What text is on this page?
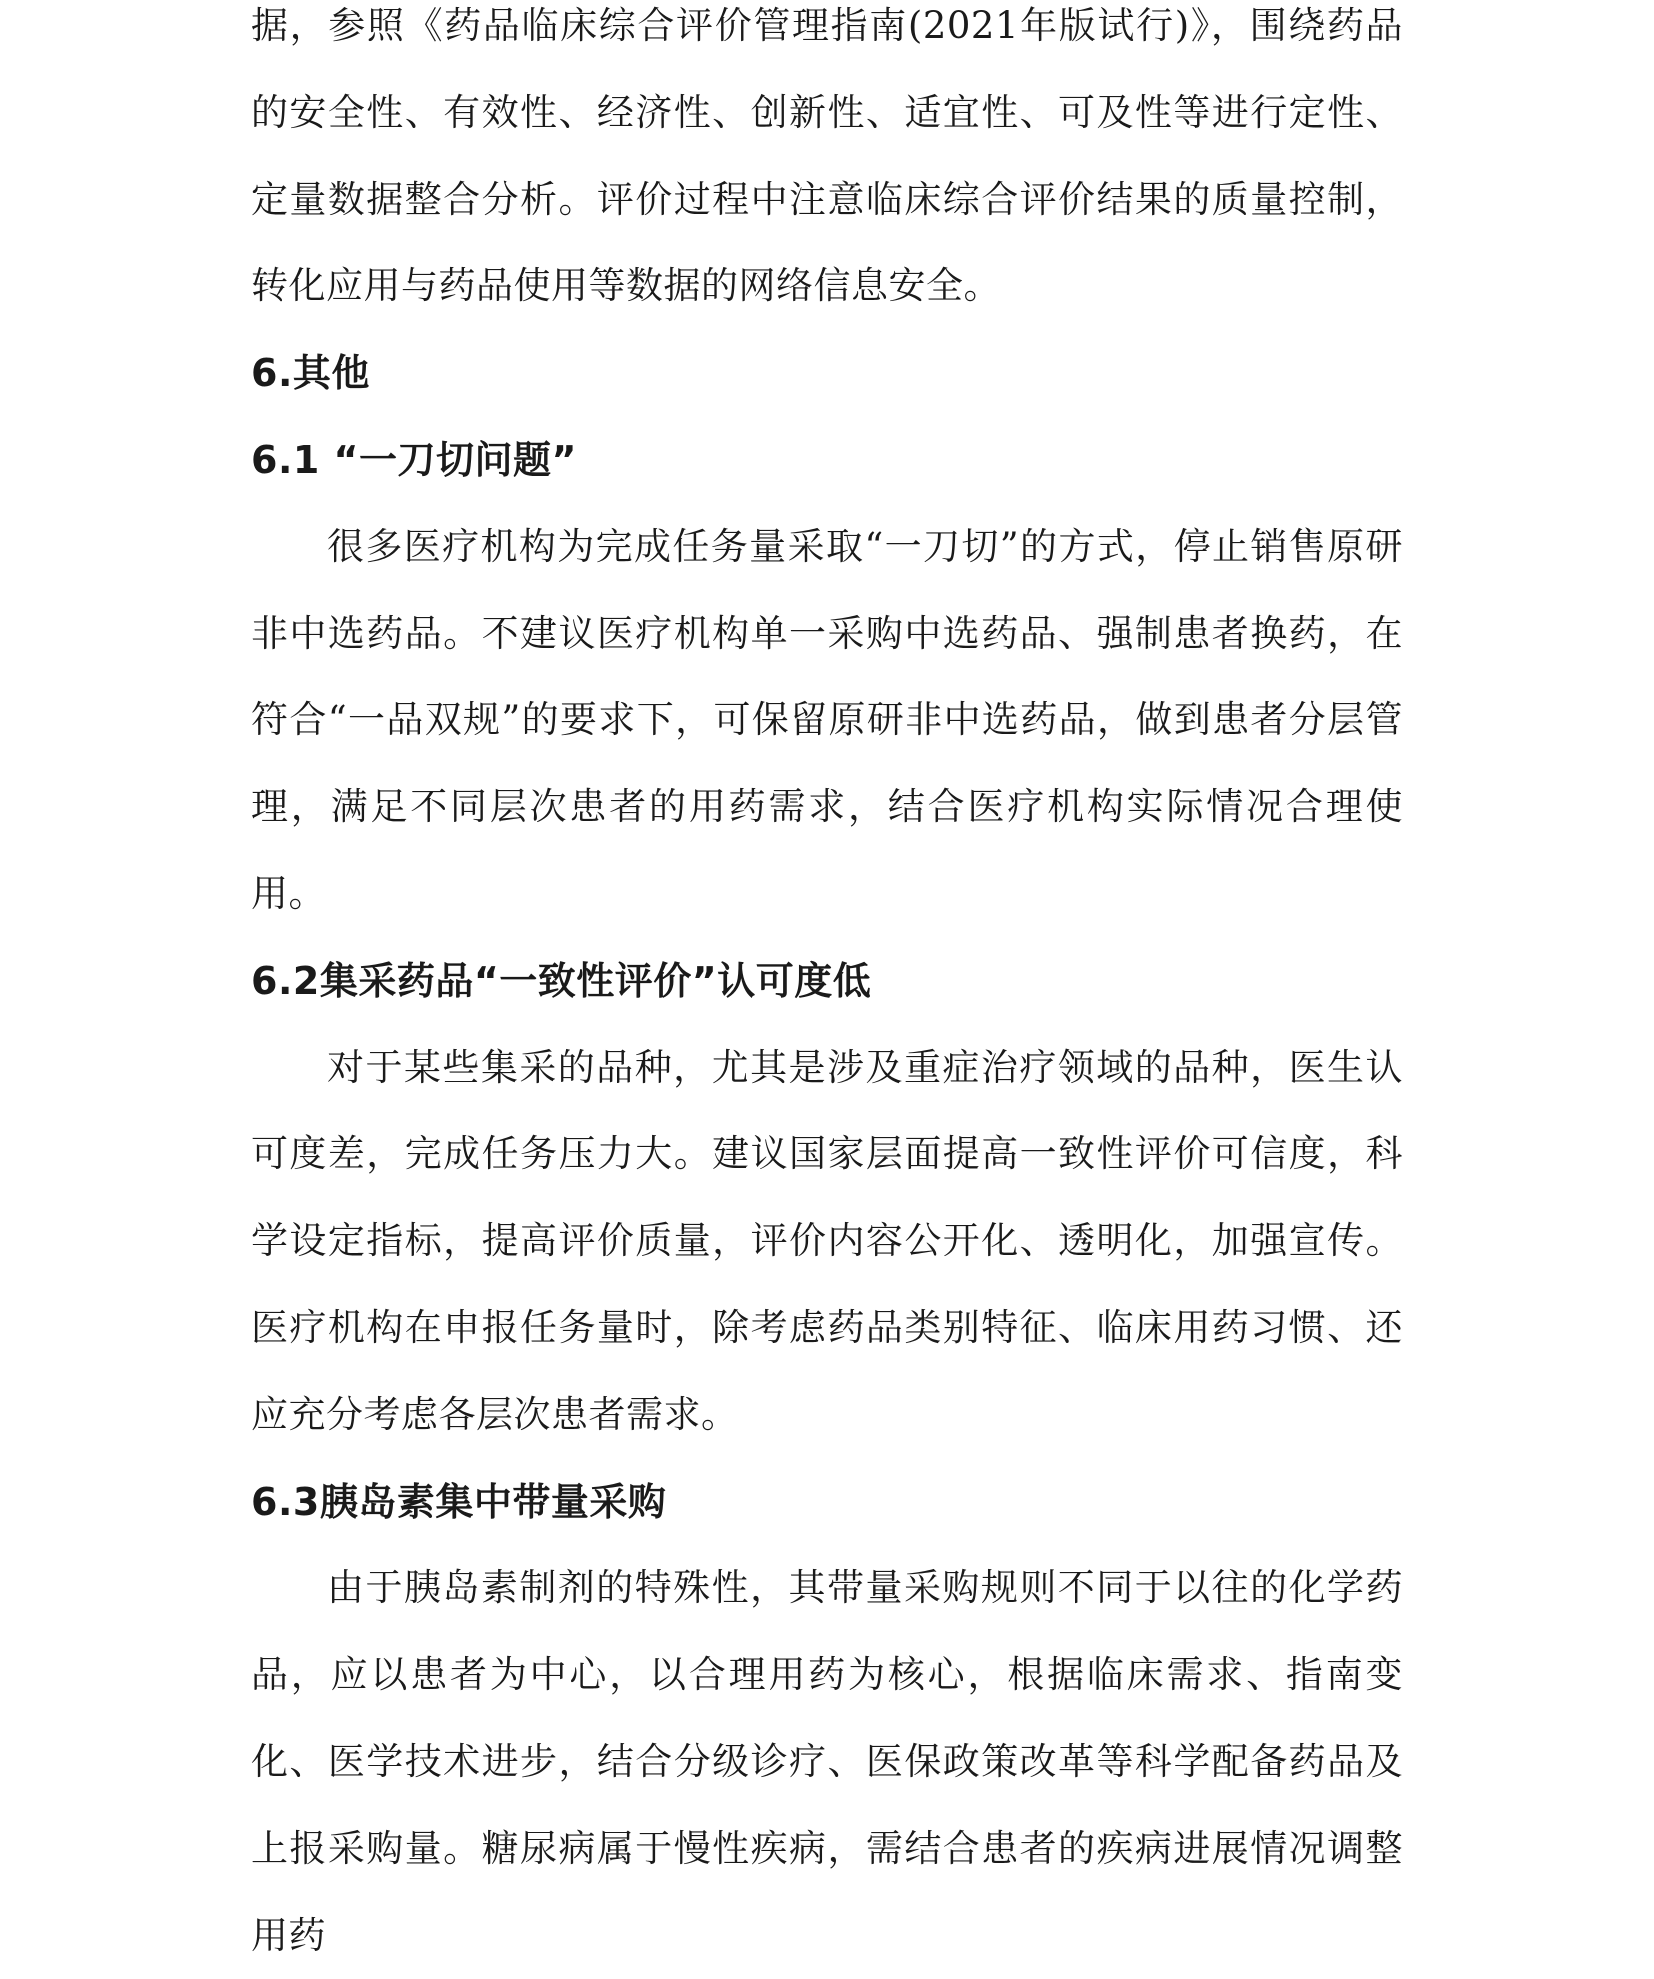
据，参照《药品临床综合评价管理指南(2021年版试行)》，围绕药品的安全性、有效性、经济性、创新性、适宜性、可及性等进行定性、定量数据整合分析。评价过程中注意临床综合评价结果的质量控制，转化应用与药品使用等数据的网络信息安全。

6.其他
6.1 “一刀切问题”

很多医疗机构为完成任务量采取“一刀切”的方式，停止销售原研非中选药品。不建议医疗机构单一采购中选药品、强制患者换药，在符合“一品双规”的要求下，可保留原研非中选药品，做到患者分层管理，满足不同层次患者的用药需求，结合医疗机构实际情况合理使用。

6.2集采药品“一致性评价”认可度低

对于某些集采的品种，尤其是涉及重症治疗领域的品种，医生认可度差，完成任务压力大。建议国家层面提高一致性评价可信度，科学设定指标，提高评价质量，评价内容公开化、透明化，加强宣传。医疗机构在申报任务量时，除考虑药品类别特征、临床用药习惯、还应充分考虑各层次患者需求。

6.3胰岛素集中带量采购

由于胰岛素制剂的特殊性，其带量采购规则不同于以往的化学药品，应以患者为中心，以合理用药为核心，根据临床需求、指南变化、医学技术进步，结合分级诊疗、医保政策改革等科学配备药品及上报采购量。糖尿病属于慢性疾病，需结合患者的疾病进展情况调整用药
